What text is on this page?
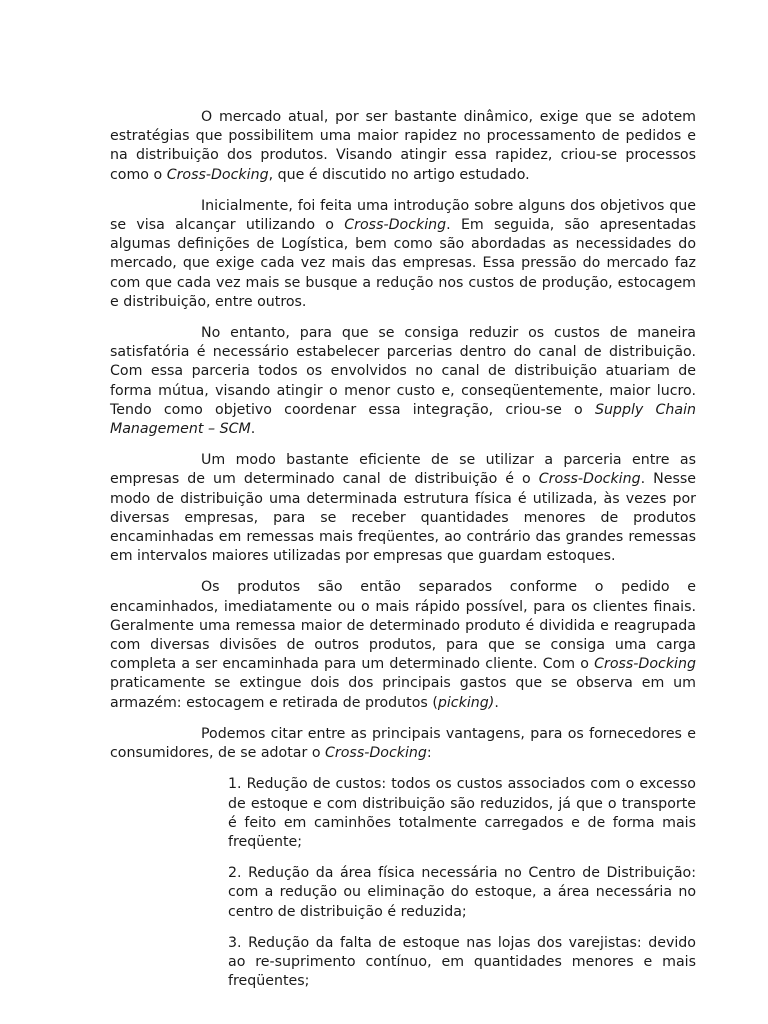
O mercado atual, por ser bastante dinâmico, exige que se adotem estratégias que possibilitem uma maior rapidez no processamento de pedidos e na distribuição dos produtos. Visando atingir essa rapidez, criou-se processos como o Cross-Docking, que é discutido no artigo estudado.

Inicialmente, foi feita uma introdução sobre alguns dos objetivos que se visa alcançar utilizando o Cross-Docking. Em seguida, são apresentadas algumas definições de Logística, bem como são abordadas as necessidades do mercado, que exige cada vez mais das empresas. Essa pressão do mercado faz com que cada vez mais se busque a redução nos custos de produção, estocagem e distribuição, entre outros.

No entanto, para que se consiga reduzir os custos de maneira satisfatória é necessário estabelecer parcerias dentro do canal de distribuição. Com essa parceria todos os envolvidos no canal de distribuição atuariam de forma mútua, visando atingir o menor custo e, conseqüentemente, maior lucro. Tendo como objetivo coordenar essa integração, criou-se o Supply Chain Management – SCM.

Um modo bastante eficiente de se utilizar a parceria entre as empresas de um determinado canal de distribuição é o Cross-Docking. Nesse modo de distribuição uma determinada estrutura física é utilizada, às vezes por diversas empresas, para se receber quantidades menores de produtos encaminhadas em remessas mais freqüentes, ao contrário das grandes remessas em intervalos maiores utilizadas por empresas que guardam estoques.

Os produtos são então separados conforme o pedido e encaminhados, imediatamente ou o mais rápido possível, para os clientes finais. Geralmente uma remessa maior de determinado produto é dividida e reagrupada com diversas divisões de outros produtos, para que se consiga uma carga completa a ser encaminhada para um determinado cliente. Com o Cross-Docking praticamente se extingue dois dos principais gastos que se observa em um armazém: estocagem e retirada de produtos (picking).

Podemos citar entre as principais vantagens, para os fornecedores e consumidores, de se adotar o Cross-Docking:

1. Redução de custos: todos os custos associados com o excesso de estoque e com distribuição são reduzidos, já que o transporte é feito em caminhões totalmente carregados e de forma mais freqüente;
2. Redução da área física necessária no Centro de Distribuição: com a redução ou eliminação do estoque, a área necessária no centro de distribuição é reduzida;
3. Redução da falta de estoque nas lojas dos varejistas: devido ao re-suprimento contínuo, em quantidades menores e mais freqüentes;
